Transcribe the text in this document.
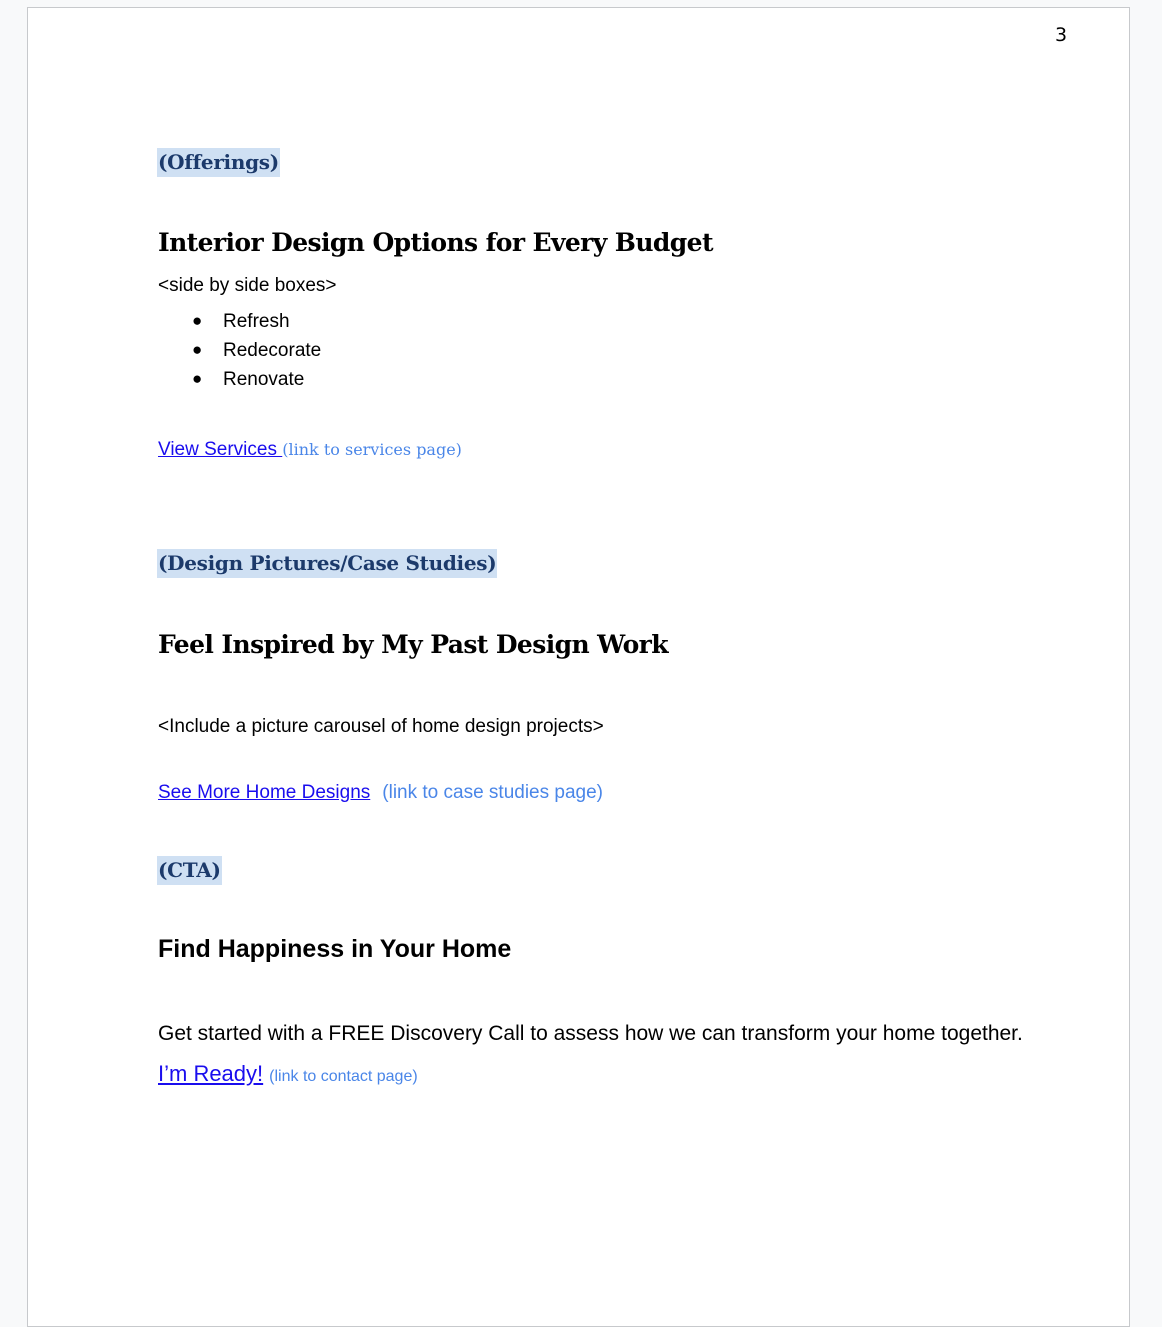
3
(Offerings)
Interior Design Options for Every Budget
<side by side boxes>
● Refresh
● Redecorate
● Renovate
View Services (link to services page)
(Design Pictures/Case Studies)
Feel Inspired by My Past Design Work
<Include a picture carousel of home design projects>
See More Home Designs (link to case studies page)
(CTA)
Find Happiness in Your Home
Get started with a FREE Discovery Call to assess how we can transform your home together.
I’m Ready! (link to contact page)
